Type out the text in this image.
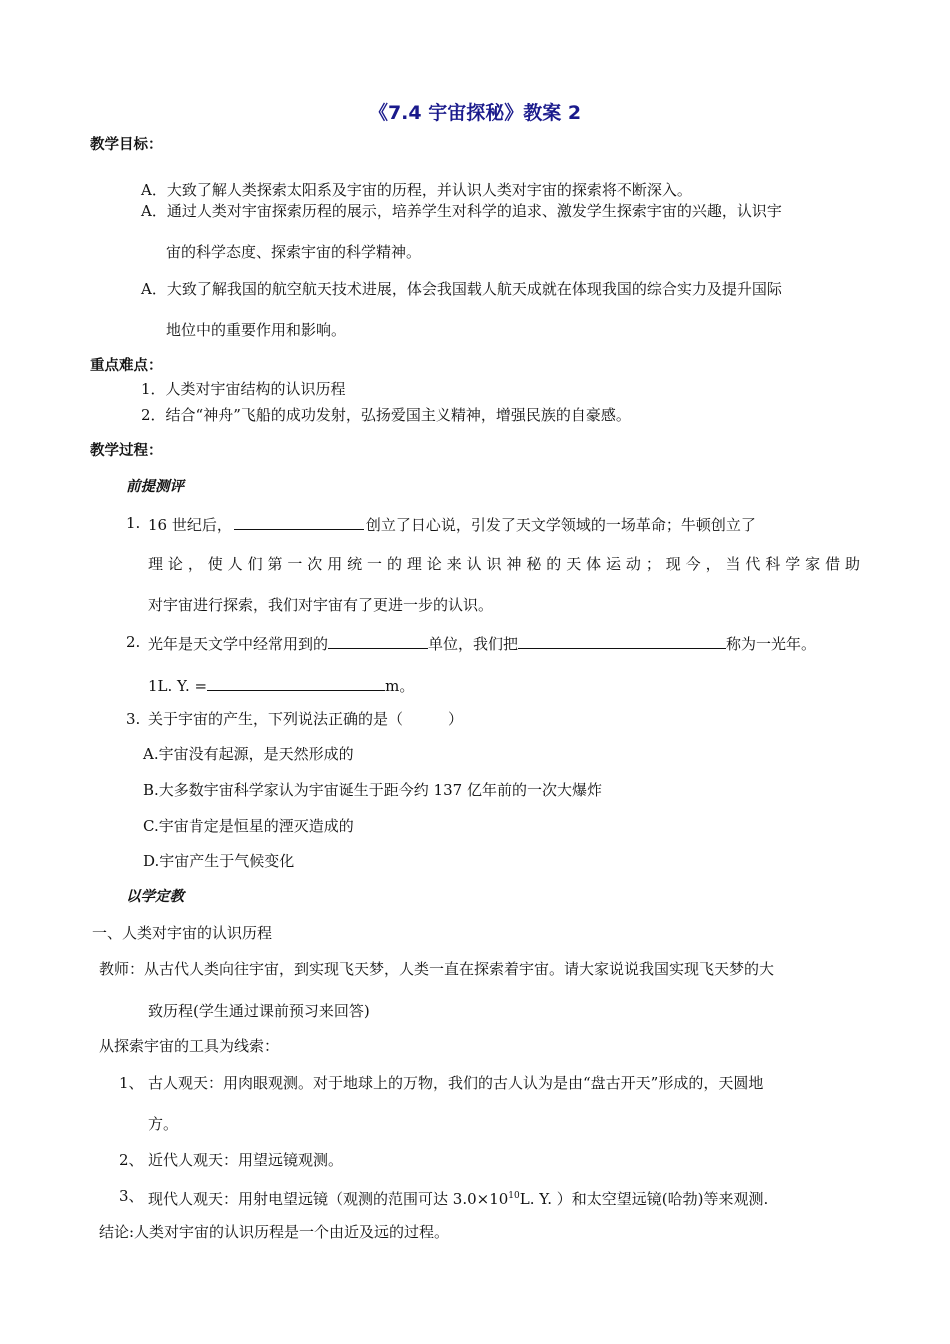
《7.4 宇宙探秘》教案 2
教学目标：
A．大致了解人类探索太阳系及宇宙的历程，并认识人类对宇宙的探索将不断深入。
A．通过人类对宇宙探索历程的展示，培养学生对科学的追求、激发学生探索宇宙的兴趣，认识宇
宙的科学态度、探索宇宙的科学精神。
A．大致了解我国的航空航天技术进展，体会我国载人航天成就在体现我国的综合实力及提升国际
地位中的重要作用和影响。
重点难点：
1．人类对宇宙结构的认识历程
2．结合“神舟”飞船的成功发射，弘扬爱国主义精神，增强民族的自豪感。
教学过程：
前提测评
1. 16 世纪后，	创立了日心说，引发了天文学领域的一场革命；牛顿创立了
理论，使人们第一次用统一的理论来认识神秘的天体运动；现今，当代科学家借助
对宇宙进行探索，我们对宇宙有了更进一步的认识。
2. 光年是天文学中经常用到的	单位，我们把	称为一光年。
1L. Y. =	m。
3. 关于宇宙的产生，下列说法正确的是（　　　）
A.宇宙没有起源，是天然形成的
B.大多数宇宙科学家认为宇宙诞生于距今约 137 亿年前的一次大爆炸
C.宇宙肯定是恒星的湮灭造成的
D.宇宙产生于气候变化
以学定教
一、人类对宇宙的认识历程
教师：从古代人类向往宇宙，到实现飞天梦，人类一直在探索着宇宙。请大家说说我国实现飞天梦的大
致历程(学生通过课前预习来回答)
从探索宇宙的工具为线索：
1、 古人观天：用肉眼观测。对于地球上的万物，我们的古人认为是由“盘古开天”形成的，天圆地
方。
2、 近代人观天：用望远镜观测。
3、 现代人观天：用射电望远镜（观测的范围可达 $3.0\times 10^{10}L$. Y. ）和太空望远镜(哈勃)等来观测.
结论:人类对宇宙的认识历程是一个由近及远的过程。
